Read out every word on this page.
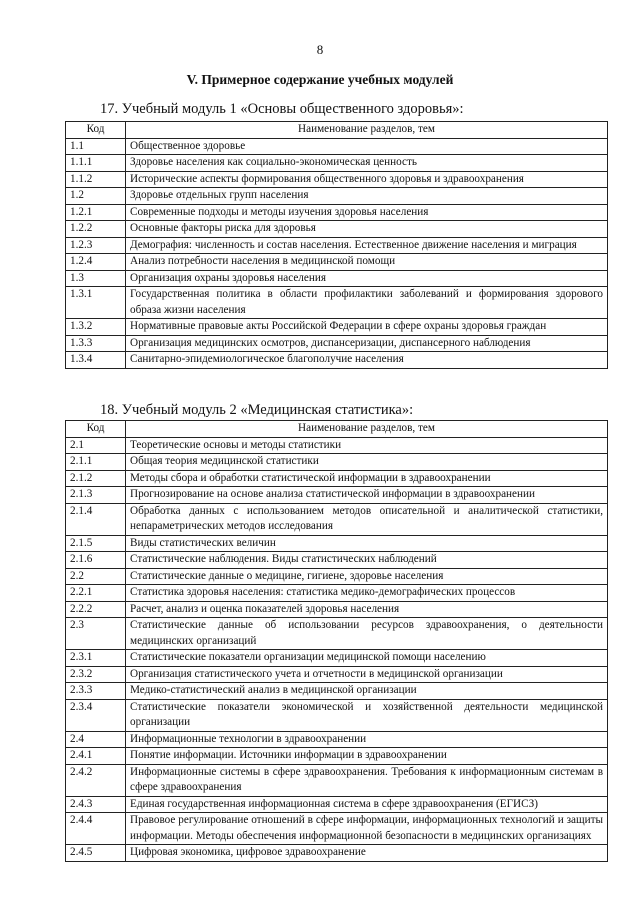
8
V. Примерное содержание учебных модулей
17. Учебный модуль 1 «Основы общественного здоровья»:
Код	Наименование разделов, тем
1.1	Общественное здоровье
1.1.1	Здоровье населения как социально-экономическая ценность
1.1.2	Исторические аспекты формирования общественного здоровья и здравоохранения
1.2	Здоровье отдельных групп населения
1.2.1	Современные подходы и методы изучения здоровья населения
1.2.2	Основные факторы риска для здоровья
1.2.3	Демография: численность и состав населения. Естественное движение населения и миграция
1.2.4	Анализ потребности населения в медицинской помощи
1.3	Организация охраны здоровья населения
1.3.1	Государственная политика в области профилактики заболеваний и формирования здорового образа жизни населения
1.3.2	Нормативные правовые акты Российской Федерации в сфере охраны здоровья граждан
1.3.3	Организация медицинских осмотров, диспансеризации, диспансерного наблюдения
1.3.4	Санитарно-эпидемиологическое благополучие населения
18. Учебный модуль 2 «Медицинская статистика»:
Код	Наименование разделов, тем
2.1	Теоретические основы и методы статистики
2.1.1	Общая теория медицинской статистики
2.1.2	Методы сбора и обработки статистической информации в здравоохранении
2.1.3	Прогнозирование на основе анализа статистической информации в здравоохранении
2.1.4	Обработка данных с использованием методов описательной и аналитической статистики, непараметрических методов исследования
2.1.5	Виды статистических величин
2.1.6	Статистические наблюдения. Виды статистических наблюдений
2.2	Статистические данные о медицине, гигиене, здоровье населения
2.2.1	Статистика здоровья населения: статистика медико-демографических процессов
2.2.2	Расчет, анализ и оценка показателей здоровья населения
2.3	Статистические данные об использовании ресурсов здравоохранения, о деятельности медицинских организаций
2.3.1	Статистические показатели организации медицинской помощи населению
2.3.2	Организация статистического учета и отчетности в медицинской организации
2.3.3	Медико-статистический анализ в медицинской организации
2.3.4	Статистические показатели экономической и хозяйственной деятельности медицинской организации
2.4	Информационные технологии в здравоохранении
2.4.1	Понятие информации. Источники информации в здравоохранении
2.4.2	Информационные системы в сфере здравоохранения. Требования к информационным системам в сфере здравоохранения
2.4.3	Единая государственная информационная система в сфере здравоохранения (ЕГИСЗ)
2.4.4	Правовое регулирование отношений в сфере информации, информационных технологий и защиты информации. Методы обеспечения информационной безопасности в медицинских организациях
2.4.5	Цифровая экономика, цифровое здравоохранение
